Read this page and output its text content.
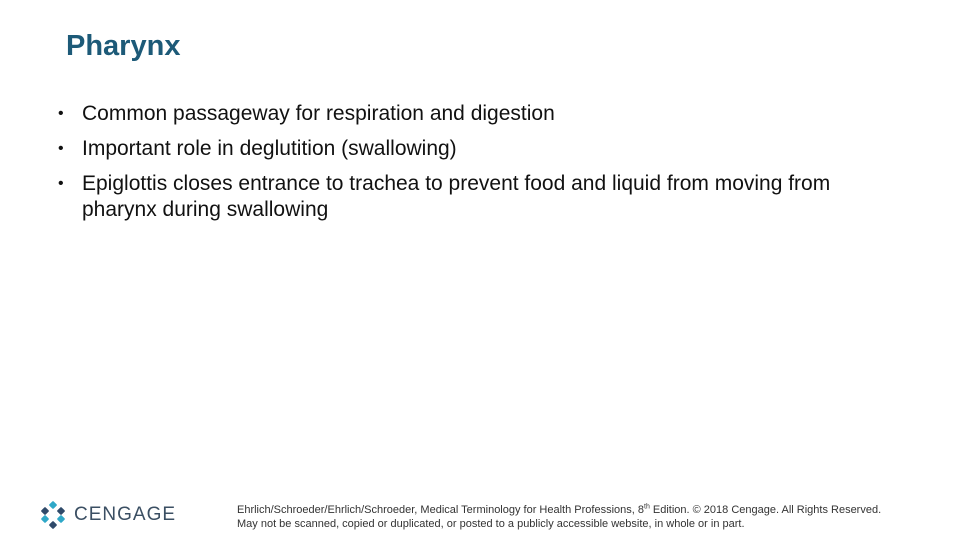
Pharynx
• Common passageway for respiration and digestion
• Important role in deglutition (swallowing)
• Epiglottis closes entrance to trachea to prevent food and liquid from moving from pharynx during swallowing
CENGAGE	Ehrlich/Schroeder/Ehrlich/Schroeder, Medical Terminology for Health Professions, 8th Edition. © 2018 Cengage. All Rights Reserved.

May not be scanned, copied or duplicated, or posted to a publicly accessible website, in whole or in part.
